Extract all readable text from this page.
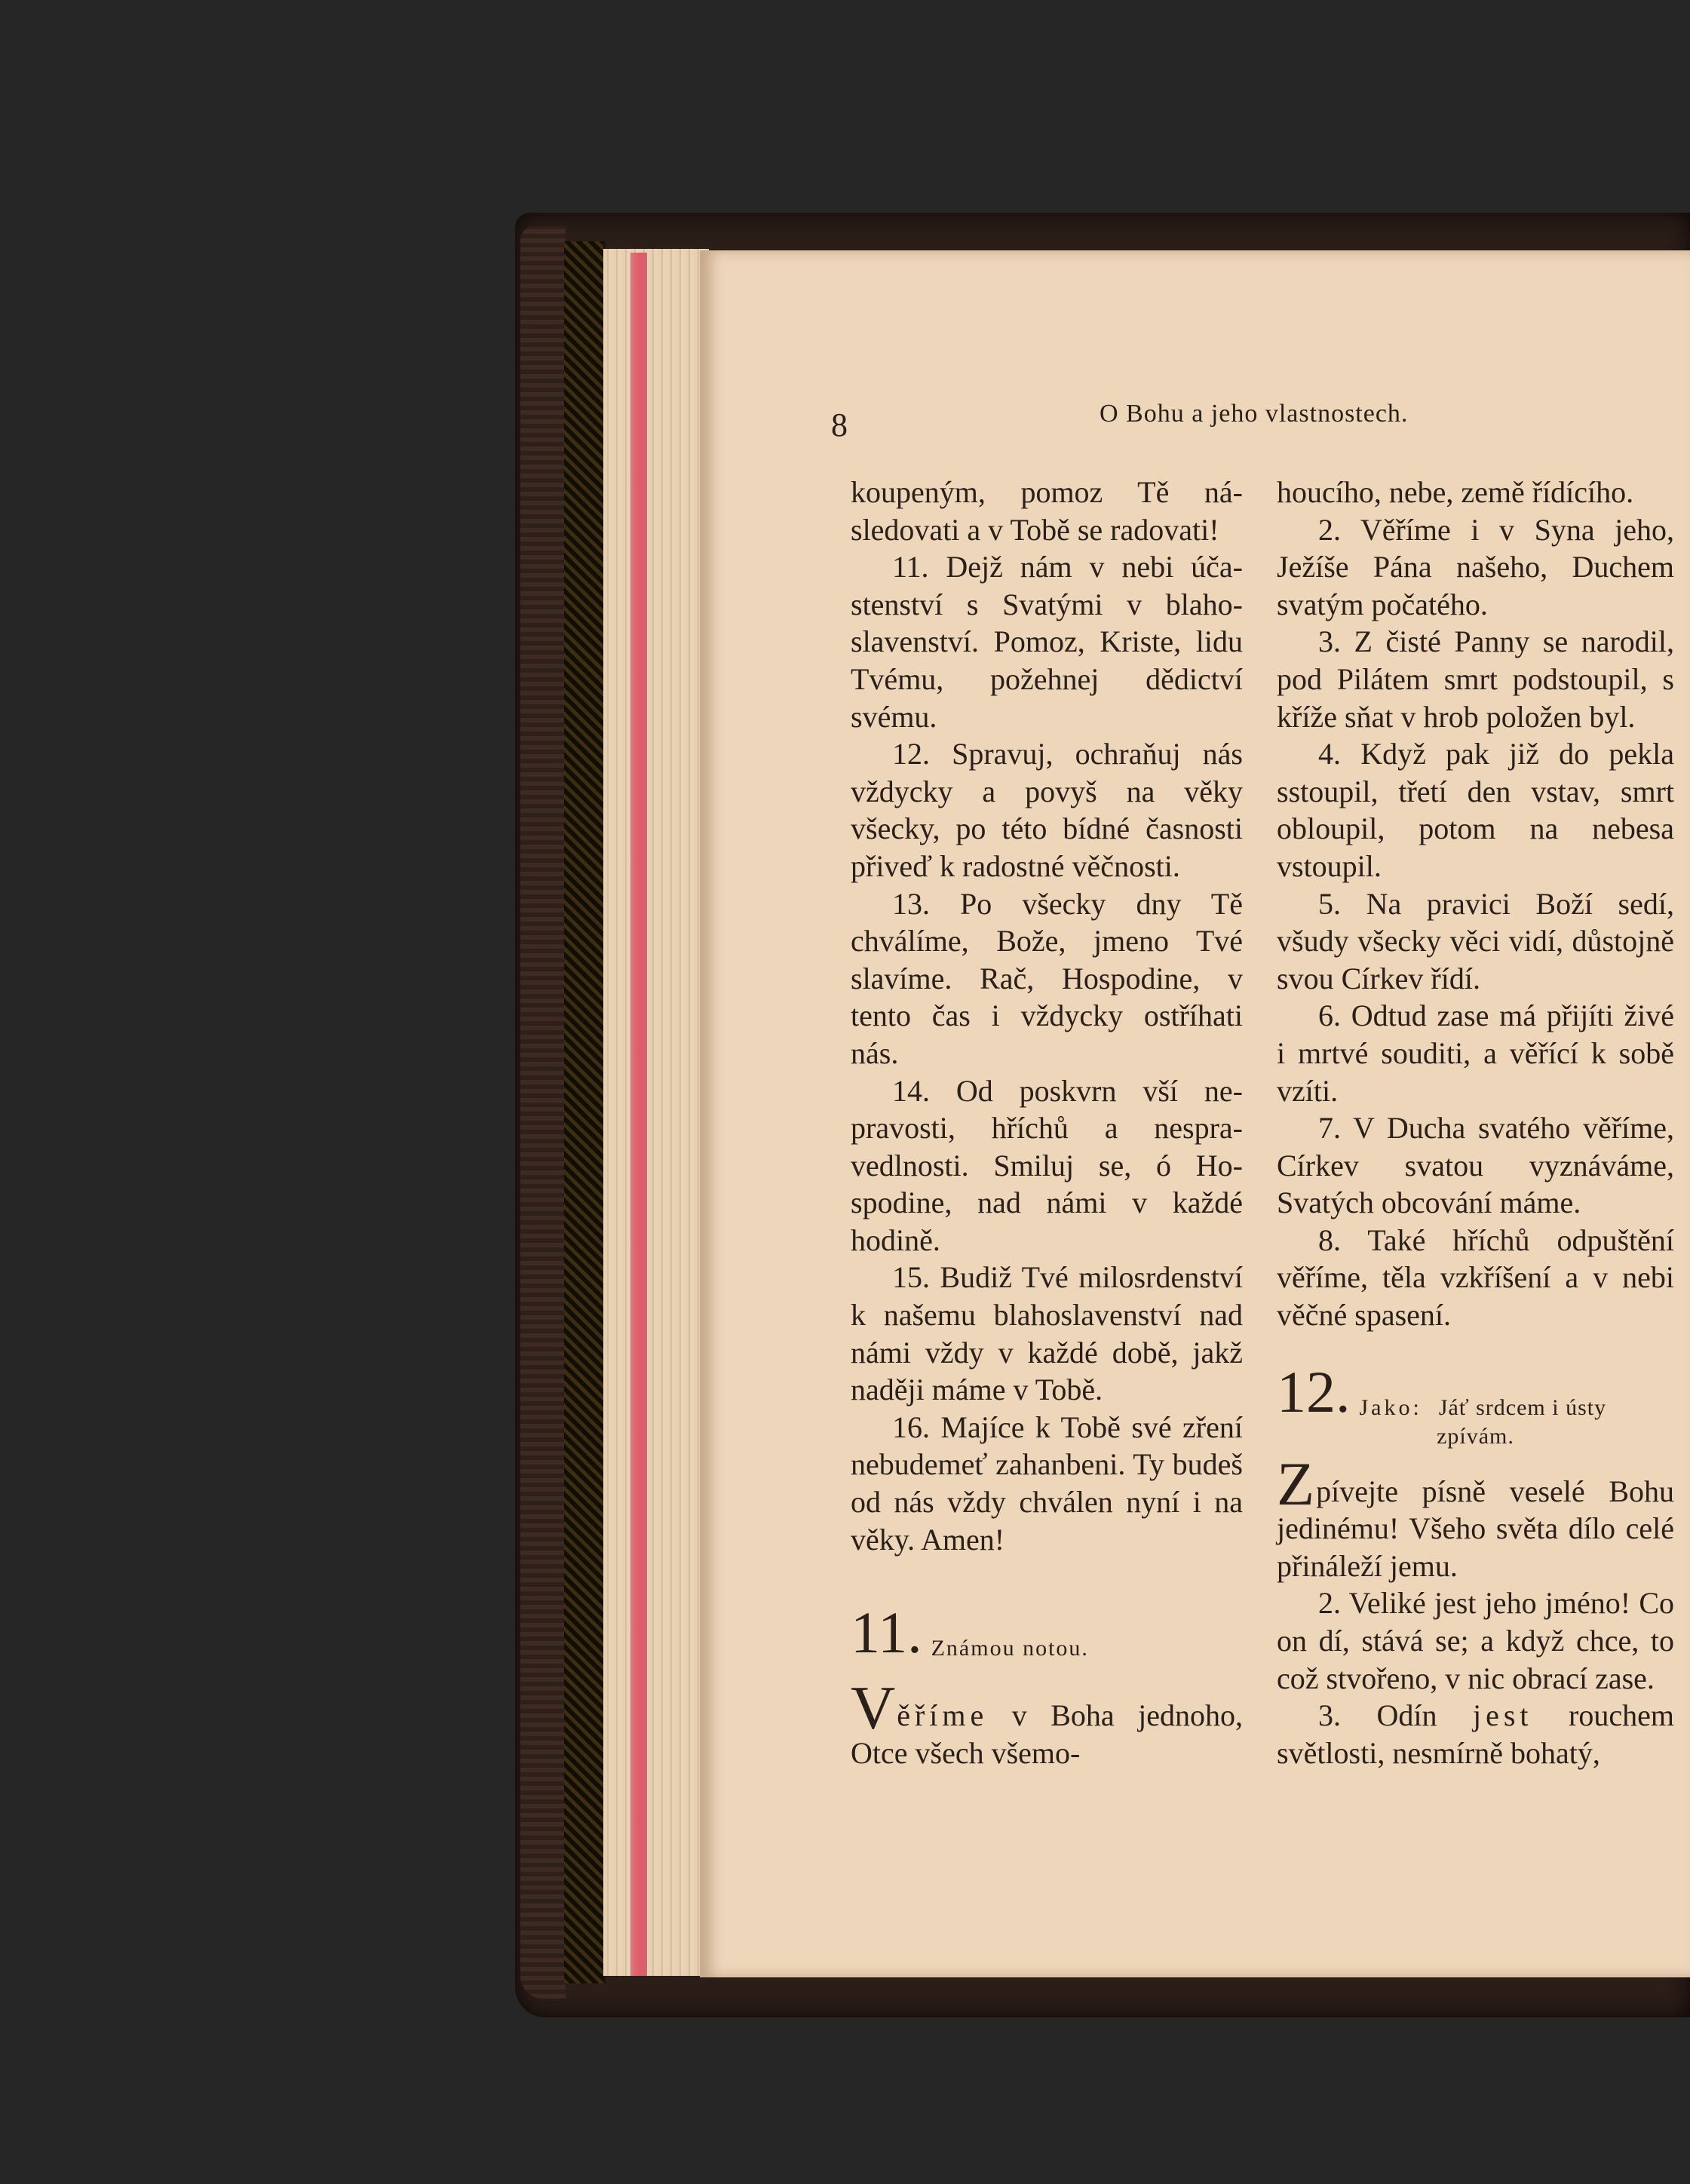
8	O Bohu a jeho vlastnostech.

koupeným, pomoz Tě následovati a v Tobě se radovati!

11. Dejž nám v nebi účastenství s Svatými v blahoslavenství. Pomoz, Kriste, lidu Tvému, požehnej dědictví svému.

12. Spravuj, ochraňuj nás vždycky a povyš na věky všecky, po této bídné časnosti přiveď k radostné věčnosti.

13. Po všecky dny Tě chválíme, Bože, jmeno Tvé slavíme. Rač, Hospodine, v tento čas i vždycky ostříhati nás.

14. Od poskvrn vší nepravosti, hříchů a nespravedlnosti. Smiluj se, ó Hospodine, nad námi v každé hodině.

15. Budiž Tvé milosrdenství k našemu blahoslavenství nad námi vždy v každé době, jakž naději máme v Tobě.

16. Majíce k Tobě své zření nebudemeť zahanbeni. Ty budeš od nás vždy chválen nyní i na věky. Amen!

11. Známou notou.

Věříme v Boha jednoho, Otce všech všemo-

houcího, nebe, země řídícího.

2. Věříme i v Syna jeho, Ježíše Pána našeho, Duchem svatým počatého.

3. Z čisté Panny se narodil, pod Pilátem smrt podstoupil, s kříže sňat v hrob položen byl.

4. Když pak již do pekla sstoupil, třetí den vstav, smrt obloupil, potom na nebesa vstoupil.

5. Na pravici Boží sedí, všudy všecky věci vidí, důstojně svou Církev řídí.

6. Odtud zase má přijíti živé i mrtvé souditi, a věřící k sobě vzíti.

7. V Ducha svatého věříme, Církev svatou vyznáváme, Svatých obcování máme.

8. Také hříchů odpuštění věříme, těla vzkříšení a v nebi věčné spasení.

12. Jako: Jáť srdcem i ústy
zpívám.

Zpívejte písně veselé Bohu jedinému! Všeho světa dílo celé přináleží jemu.

2. Veliké jest jeho jméno! Co on dí, stává se; a když chce, to což stvořeno, v nic obrací zase.

3. Odín jest rouchem světlosti, nesmírně bohatý,
